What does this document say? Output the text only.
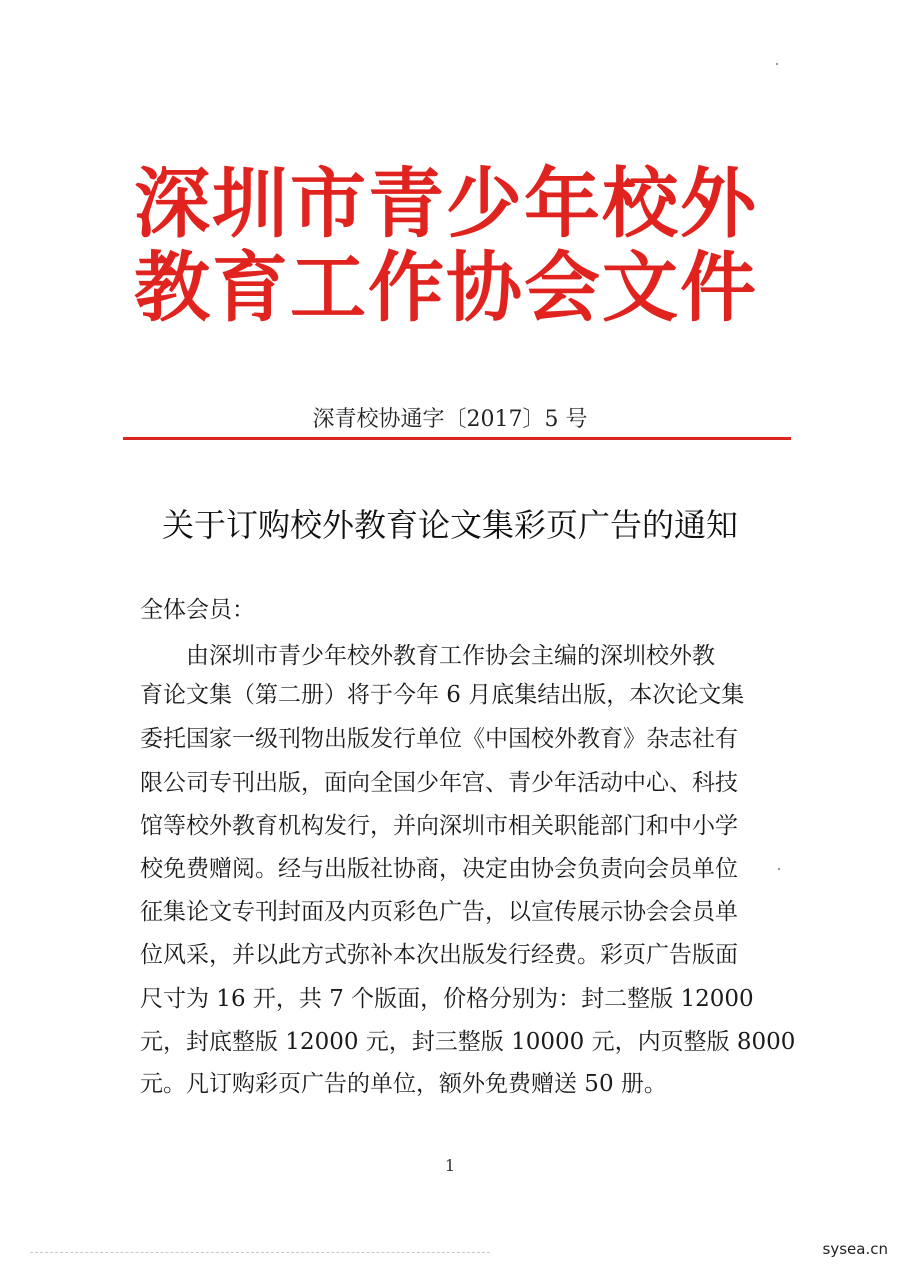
深圳市青少年校外
教育工作协会文件
深青校协通字〔2017〕5 号
关于订购校外教育论文集彩页广告的通知
全体会员：
　　由深圳市青少年校外教育工作协会主编的深圳校外教
育论文集（第二册）将于今年 6 月底集结出版，本次论文集
委托国家一级刊物出版发行单位《中国校外教育》杂志社有
限公司专刊出版，面向全国少年宫、青少年活动中心、科技
馆等校外教育机构发行，并向深圳市相关职能部门和中小学
校免费赠阅。经与出版社协商，决定由协会负责向会员单位
征集论文专刊封面及内页彩色广告，以宣传展示协会会员单
位风采，并以此方式弥补本次出版发行经费。彩页广告版面
尺寸为 16 开，共 7 个版面，价格分别为：封二整版 12000
元，封底整版 12000 元，封三整版 10000 元，内页整版 8000
元。凡订购彩页广告的单位，额外免费赠送 50 册。
1
sysea.cn
